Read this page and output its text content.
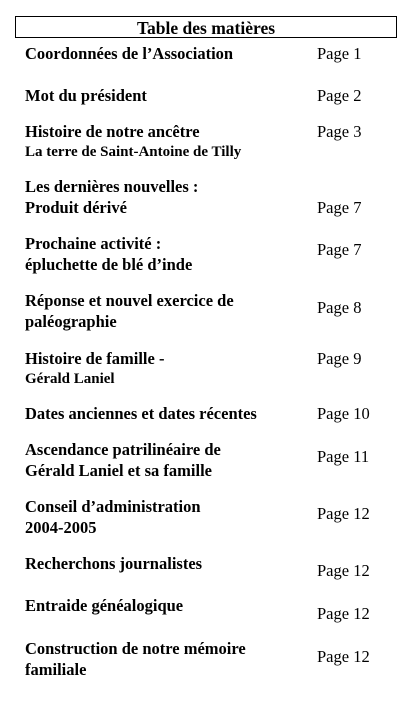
Table des matières
Coordonnées de l’Association	Page 1
Mot du président	Page 2
Histoire de notre ancêtre
La terre de Saint-Antoine de Tilly
Page 3
Les dernières nouvelles :
Produit dérivé	Page 7
Prochaine activité :
épluchette de blé d’inde
Page 7
Réponse et nouvel exercice de
paléographie
Page 8
Histoire de famille -
Gérald Laniel
Page 9
Dates anciennes et dates récentes	Page 10
Ascendance patrilinéaire de
Gérald Laniel et sa famille
Page 11
Conseil d’administration
2004-2005
Page 12
Recherchons journalistes	Page 12
Entraide généalogique	Page 12
Construction de notre mémoire
familiale
Page 12
